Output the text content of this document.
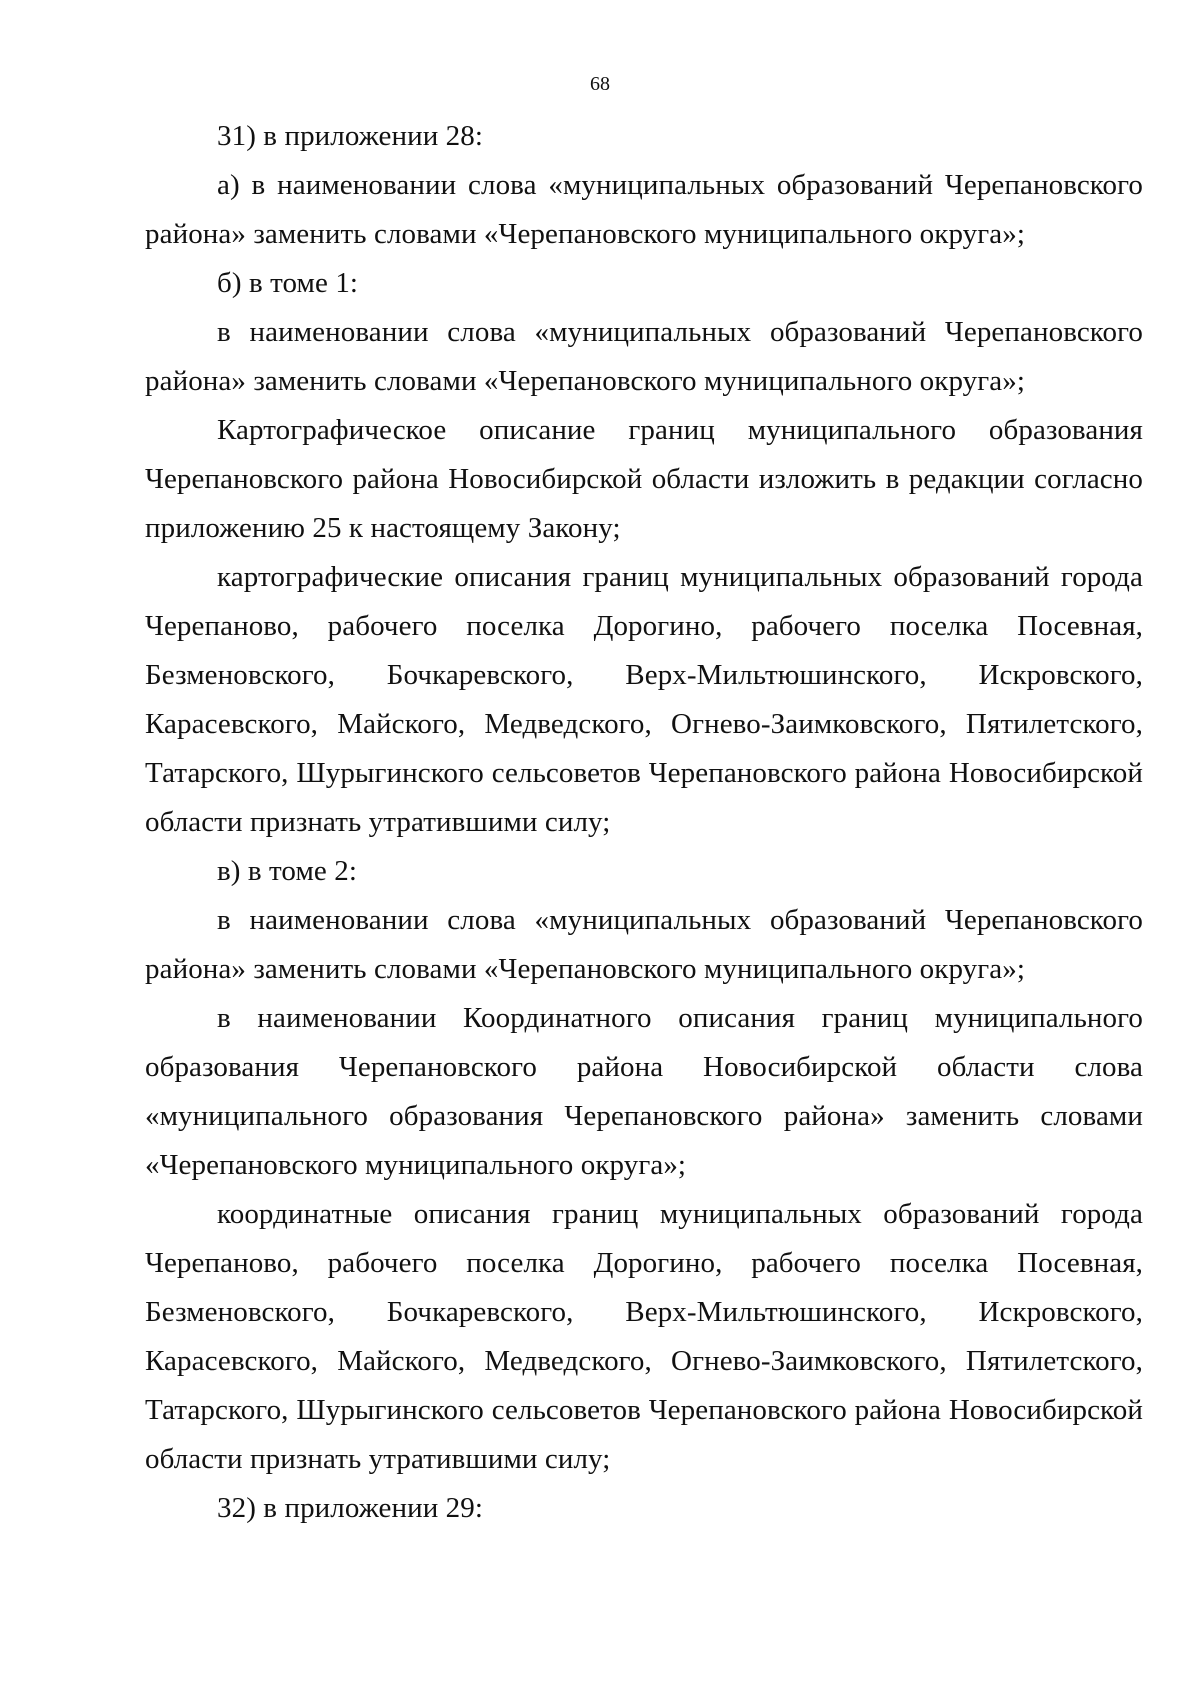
68

31) в приложении 28:

а) в наименовании слова «муниципальных образований Черепановского района» заменить словами «Черепановского муниципального округа»;

б) в томе 1:

в наименовании слова «муниципальных образований Черепановского района» заменить словами «Черепановского муниципального округа»;

Картографическое описание границ муниципального образования Черепановского района Новосибирской области изложить в редакции согласно приложению 25 к настоящему Закону;

картографические описания границ муниципальных образований города Черепаново, рабочего поселка Дорогино, рабочего поселка Посевная, Безменовского, Бочкаревского, Верх-Мильтюшинского, Искровского, Карасевского, Майского, Медведского, Огнево-Заимковского, Пятилетского, Татарского, Шурыгинского сельсоветов Черепановского района Новосибирской области признать утратившими силу;

в) в томе 2:

в наименовании слова «муниципальных образований Черепановского района» заменить словами «Черепановского муниципального округа»;

в наименовании Координатного описания границ муниципального образования Черепановского района Новосибирской области слова «муниципального образования Черепановского района» заменить словами «Черепановского муниципального округа»;

координатные описания границ муниципальных образований города Черепаново, рабочего поселка Дорогино, рабочего поселка Посевная, Безменовского, Бочкаревского, Верх-Мильтюшинского, Искровского, Карасевского, Майского, Медведского, Огнево-Заимковского, Пятилетского, Татарского, Шурыгинского сельсоветов Черепановского района Новосибирской области признать утратившими силу;

32) в приложении 29:
